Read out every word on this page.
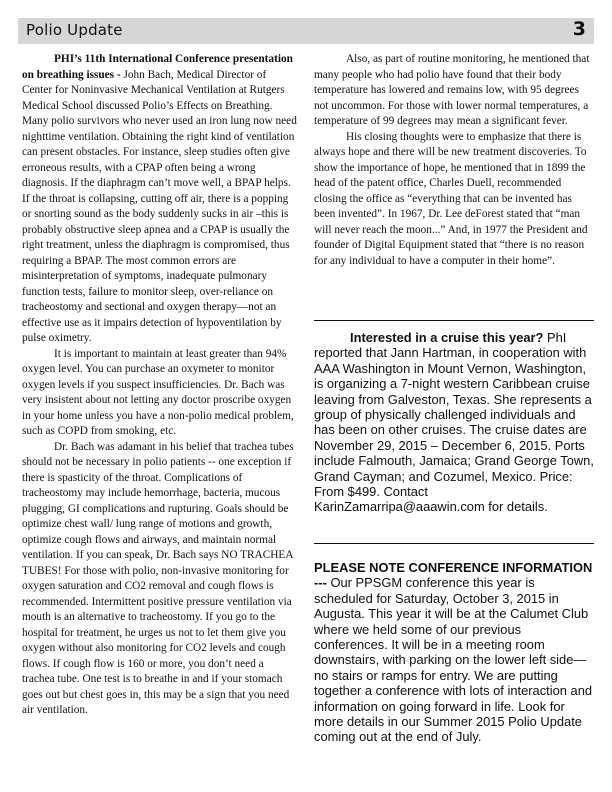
Polio Update	3

PHI’s 11th International Conference presentation on breathing issues - John Bach, Medical Director of Center for Noninvasive Mechanical Ventilation at Rutgers Medical School discussed Polio’s Effects on Breathing. Many polio survivors who never used an iron lung now need nighttime ventilation. Obtaining the right kind of ventilation can present obstacles. For instance, sleep studies often give erroneous results, with a CPAP often being a wrong diagnosis. If the diaphragm can’t move well, a BPAP helps. If the throat is collapsing, cutting off air, there is a popping or snorting sound as the body suddenly sucks in air –this is probably obstructive sleep apnea and a CPAP is usually the right treatment, unless the diaphragm is compromised, thus requiring a BPAP. The most common errors are misinterpretation of symptoms, inadequate pulmonary function tests, failure to monitor sleep, over-reliance on tracheostomy and sectional and oxygen therapy—not an effective use as it impairs detection of hypoventilation by pulse oximetry.

It is important to maintain at least greater than 94% oxygen level. You can purchase an oxymeter to monitor oxygen levels if you suspect insufficiencies. Dr. Bach was very insistent about not letting any doctor proscribe oxygen in your home unless you have a non-polio medical problem, such as COPD from smoking, etc.

Dr. Bach was adamant in his belief that trachea tubes should not be necessary in polio patients -- one exception if there is spasticity of the throat. Complications of tracheostomy may include hemorrhage, bacteria, mucous plugging, GI complications and rupturing. Goals should be optimize chest wall/ lung range of motions and growth, optimize cough flows and airways, and maintain normal ventilation. If you can speak, Dr. Bach says NO TRACHEA TUBES! For those with polio, non-invasive monitoring for oxygen saturation and CO2 removal and cough flows is recommended. Intermittent positive pressure ventilation via mouth is an alternative to tracheostomy. If you go to the hospital for treatment, he urges us not to let them give you oxygen without also monitoring for CO2 levels and cough flows. If cough flow is 160 or more, you don’t need a trachea tube. One test is to breathe in and if your stomach goes out but chest goes in, this may be a sign that you need air ventilation.

Also, as part of routine monitoring, he mentioned that many people who had polio have found that their body temperature has lowered and remains low, with 95 degrees not uncommon. For those with lower normal temperatures, a temperature of 99 degrees may mean a significant fever.

His closing thoughts were to emphasize that there is always hope and there will be new treatment discoveries. To show the importance of hope, he mentioned that in 1899 the head of the patent office, Charles Duell, recommended closing the office as “everything that can be invented has been invented”. In 1967, Dr. Lee deForest stated that “man will never reach the moon...” And, in 1977 the President and founder of Digital Equipment stated that “there is no reason for any individual to have a computer in their home”.

Interested in a cruise this year? PhI reported that Jann Hartman, in cooperation with AAA Washington in Mount Vernon, Washington, is organizing a 7-night western Caribbean cruise leaving from Galveston, Texas. She represents a group of physically challenged individuals and has been on other cruises. The cruise dates are November 29, 2015 – December 6, 2015. Ports include Falmouth, Jamaica; Grand George Town, Grand Cayman; and Cozumel, Mexico. Price: From $499. Contact KarinZamarripa@aaawin.com for details.

PLEASE NOTE CONFERENCE INFORMATION --- Our PPSGM conference this year is scheduled for Saturday, October 3, 2015 in Augusta. This year it will be at the Calumet Club where we held some of our previous conferences. It will be in a meeting room downstairs, with parking on the lower left side—no stairs or ramps for entry. We are putting together a conference with lots of interaction and information on going forward in life. Look for more details in our Summer 2015 Polio Update coming out at the end of July.
